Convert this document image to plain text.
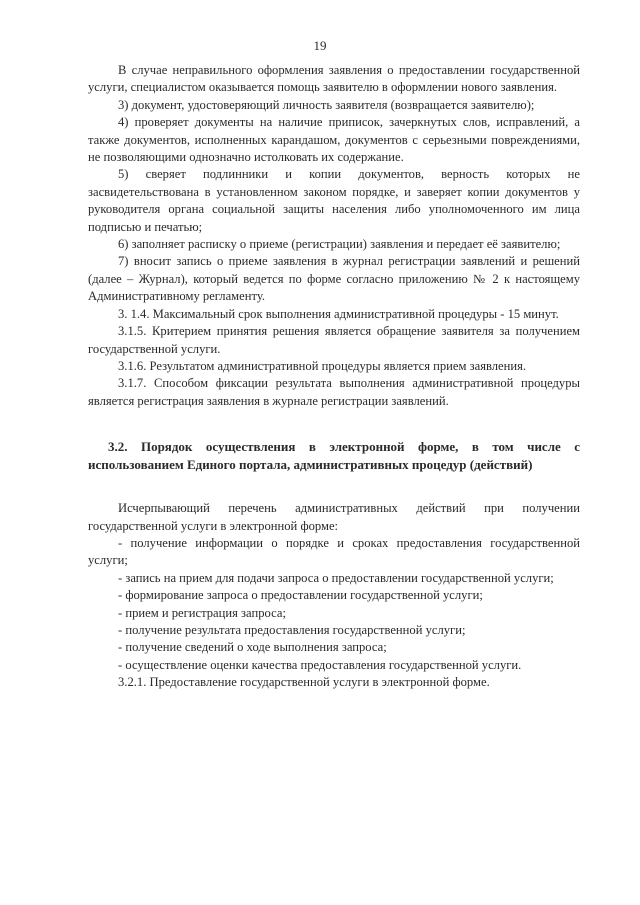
19

В случае неправильного оформления заявления о предоставлении государственной услуги, специалистом оказывается помощь заявителю в оформлении нового заявления.

3) документ, удостоверяющий личность заявителя (возвращается заявителю);

4) проверяет документы на наличие приписок, зачеркнутых слов, исправлений, а также документов, исполненных карандашом, документов с серьезными повреждениями, не позволяющими однозначно истолковать их содержание.

5) сверяет подлинники и копии документов, верность которых не засвидетельствована в установленном законом порядке, и заверяет копии документов у руководителя органа социальной защиты населения либо уполномоченного им лица подписью и печатью;

6) заполняет расписку о приеме (регистрации) заявления и передает её заявителю;

7) вносит запись о приеме заявления в журнал регистрации заявлений и решений (далее – Журнал), который ведется по форме согласно приложению № 2 к настоящему Административному регламенту.

3. 1.4. Максимальный срок выполнения административной процедуры - 15 минут.

3.1.5. Критерием принятия решения является обращение заявителя за получением государственной услуги.

3.1.6. Результатом административной процедуры является прием заявления.

3.1.7. Способом фиксации результата выполнения административной процедуры является регистрация заявления в журнале регистрации заявлений.

3.2. Порядок осуществления в электронной форме, в том числе с использованием Единого портала, административных процедур (действий)

Исчерпывающий перечень административных действий при получении государственной услуги в электронной форме:

- получение информации о порядке и сроках предоставления государственной услуги;

- запись на прием для подачи запроса о предоставлении государственной услуги;

- формирование запроса о предоставлении государственной услуги;

- прием и регистрация запроса;

- получение результата предоставления государственной услуги;

- получение сведений о ходе выполнения запроса;

- осуществление оценки качества предоставления государственной услуги.

3.2.1. Предоставление государственной услуги в электронной форме.
